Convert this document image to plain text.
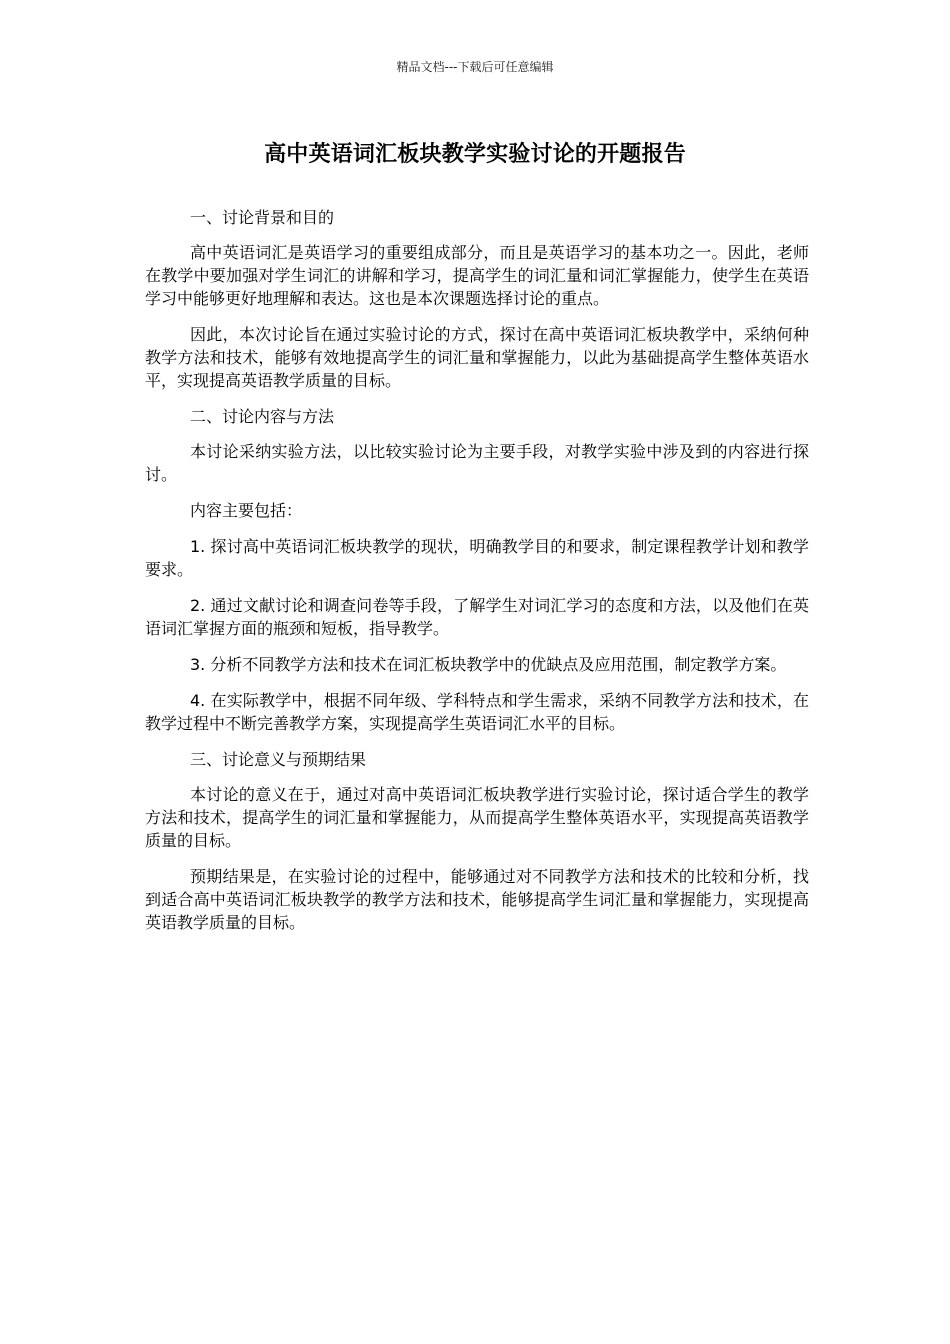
精品文档---下载后可任意编辑
高中英语词汇板块教学实验讨论的开题报告

一、讨论背景和目的

高中英语词汇是英语学习的重要组成部分，而且是英语学习的基本功之一。因此，老师在教学中要加强对学生词汇的讲解和学习，提高学生的词汇量和词汇掌握能力，使学生在英语学习中能够更好地理解和表达。这也是本次课题选择讨论的重点。

因此，本次讨论旨在通过实验讨论的方式，探讨在高中英语词汇板块教学中，采纳何种教学方法和技术，能够有效地提高学生的词汇量和掌握能力，以此为基础提高学生整体英语水平，实现提高英语教学质量的目标。

二、讨论内容与方法

本讨论采纳实验方法，以比较实验讨论为主要手段，对教学实验中涉及到的内容进行探讨。

内容主要包括：

1. 探讨高中英语词汇板块教学的现状，明确教学目的和要求，制定课程教学计划和教学要求。

2. 通过文献讨论和调查问卷等手段，了解学生对词汇学习的态度和方法，以及他们在英语词汇掌握方面的瓶颈和短板，指导教学。

3. 分析不同教学方法和技术在词汇板块教学中的优缺点及应用范围，制定教学方案。

4. 在实际教学中，根据不同年级、学科特点和学生需求，采纳不同教学方法和技术，在教学过程中不断完善教学方案，实现提高学生英语词汇水平的目标。

三、讨论意义与预期结果

本讨论的意义在于，通过对高中英语词汇板块教学进行实验讨论，探讨适合学生的教学方法和技术，提高学生的词汇量和掌握能力，从而提高学生整体英语水平，实现提高英语教学质量的目标。

预期结果是，在实验讨论的过程中，能够通过对不同教学方法和技术的比较和分析，找到适合高中英语词汇板块教学的教学方法和技术，能够提高学生词汇量和掌握能力，实现提高英语教学质量的目标。
